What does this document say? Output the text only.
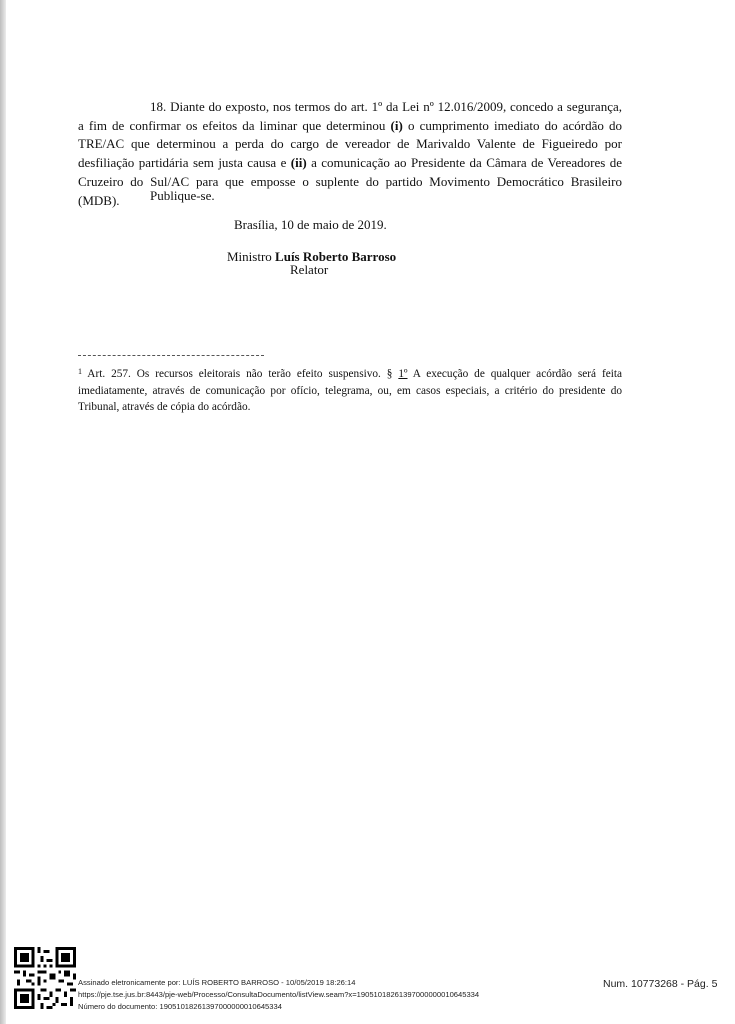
18. Diante do exposto, nos termos do art. 1º da Lei nº 12.016/2009, concedo a segurança, a fim de confirmar os efeitos da liminar que determinou (i) o cumprimento imediato do acórdão do TRE/AC que determinou a perda do cargo de vereador de Marivaldo Valente de Figueiredo por desfiliação partidária sem justa causa e (ii) a comunicação ao Presidente da Câmara de Vereadores de Cruzeiro do Sul/AC para que empossе o suplente do partido Movimento Democrático Brasileiro (MDB).	Publique-se.

Brasília, 10 de maio de 2019.

Ministro Luís Roberto Barroso

Relator

$^1$ Art. 257. Os recursos eleitorais não terão efeito suspensivo. § 1º A execução de qualquer acórdão será feita imediatamente, através de comunicação por ofício, telegrama, ou, em casos especiais, a critério do presidente do Tribunal, através de cópia do acórdão.

Assinado eletronicamente por: LUÍS ROBERTO BARROSO - 10/05/2019 18:26:14

https://pje.tse.jus.br:8443/pje-web/Processo/ConsultaDocumento/listView.seam?x=19051018261397000000010645334

Número do documento: 19051018261397000000010645334

Num. 10773268 - Pág. 5
